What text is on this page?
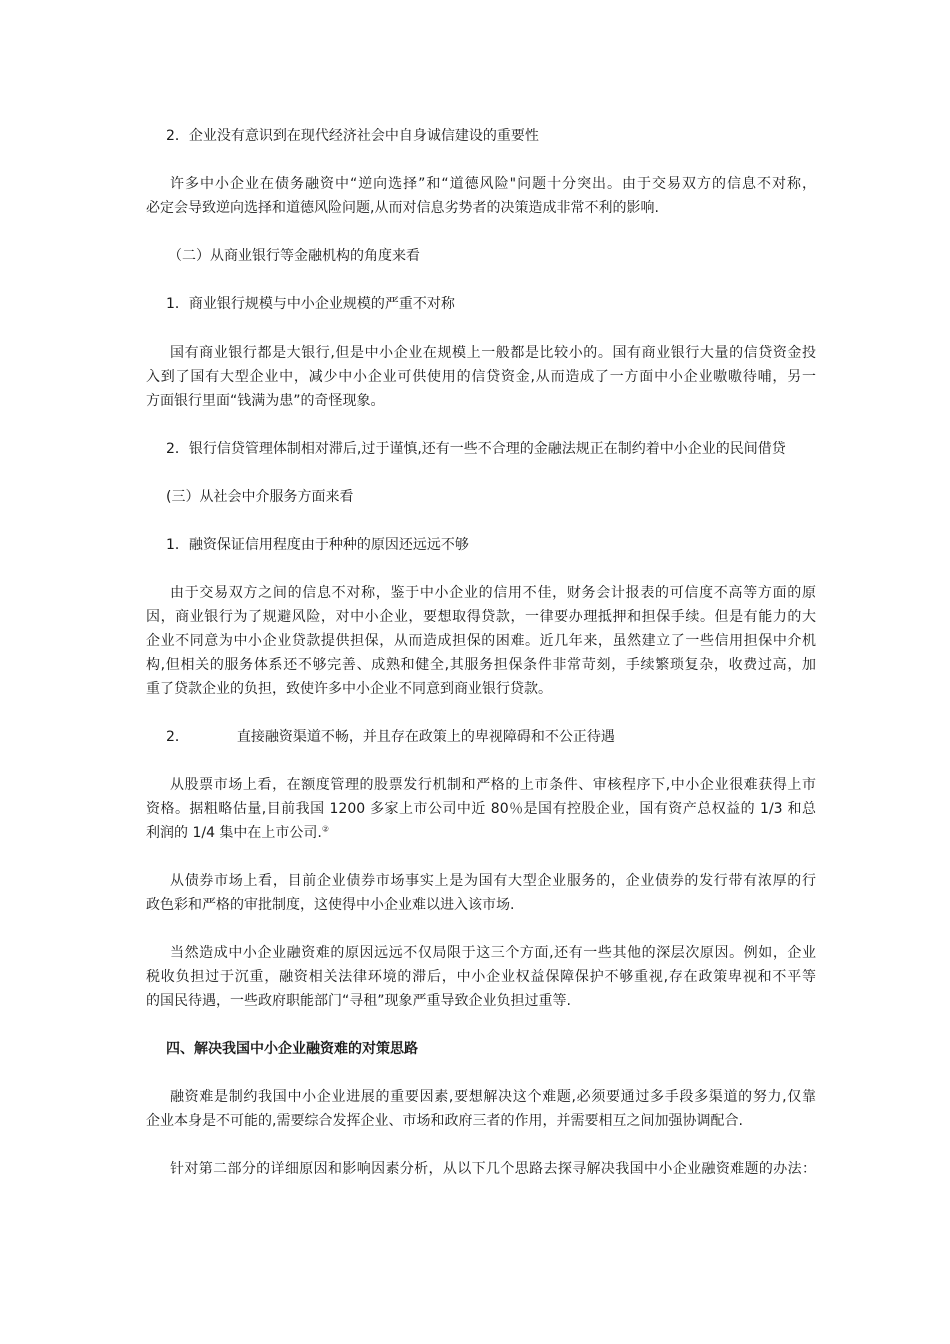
2．企业没有意识到在现代经济社会中自身诚信建设的重要性
许多中小企业在债务融资中“逆向选择”和“道德风险"问题十分突出。由于交易双方的信息不对称，
必定会导致逆向选择和道德风险问题,从而对信息劣势者的决策造成非常不利的影响.
（二）从商业银行等金融机构的角度来看
1．商业银行规模与中小企业规模的严重不对称
国有商业银行都是大银行,但是中小企业在规模上一般都是比较小的。国有商业银行大量的信贷资金投
入到了国有大型企业中，减少中小企业可供使用的信贷资金,从而造成了一方面中小企业嗷嗷待哺，另一
方面银行里面“钱满为患”的奇怪现象。
2．银行信贷管理体制相对滞后,过于谨慎,还有一些不合理的金融法规正在制约着中小企业的民间借贷
(三）从社会中介服务方面来看
1．融资保证信用程度由于种种的原因还远远不够
由于交易双方之间的信息不对称，鉴于中小企业的信用不佳，财务会计报表的可信度不高等方面的原
因，商业银行为了规避风险，对中小企业，要想取得贷款，一律要办理抵押和担保手续。但是有能力的大
企业不同意为中小企业贷款提供担保，从而造成担保的困难。近几年来，虽然建立了一些信用担保中介机
构,但相关的服务体系还不够完善、成熟和健全,其服务担保条件非常苛刻，手续繁琐复杂，收费过高，加
重了贷款企业的负担，致使许多中小企业不同意到商业银行贷款。
2．	直接融资渠道不畅，并且存在政策上的卑视障碍和不公正待遇
从股票市场上看，在额度管理的股票发行机制和严格的上市条件、审核程序下,中小企业很难获得上市
资格。据粗略估量,目前我国 1200 多家上市公司中近 80％是国有控股企业，国有资产总权益的 1/3 和总
利润的 1/4 集中在上市公司.②
从债券市场上看，目前企业债券市场事实上是为国有大型企业服务的，企业债券的发行带有浓厚的行
政色彩和严格的审批制度，这使得中小企业难以进入该市场.
当然造成中小企业融资难的原因远远不仅局限于这三个方面,还有一些其他的深层次原因。例如，企业
税收负担过于沉重，融资相关法律环境的滞后，中小企业权益保障保护不够重视,存在政策卑视和不平等
的国民待遇，一些政府职能部门“寻租”现象严重导致企业负担过重等.
四、解决我国中小企业融资难的对策思路
融资难是制约我国中小企业进展的重要因素,要想解决这个难题,必须要通过多手段多渠道的努力,仅靠
企业本身是不可能的,需要综合发挥企业、市场和政府三者的作用，并需要相互之间加强协调配合.
针对第二部分的详细原因和影响因素分析，从以下几个思路去探寻解决我国中小企业融资难题的办法：
